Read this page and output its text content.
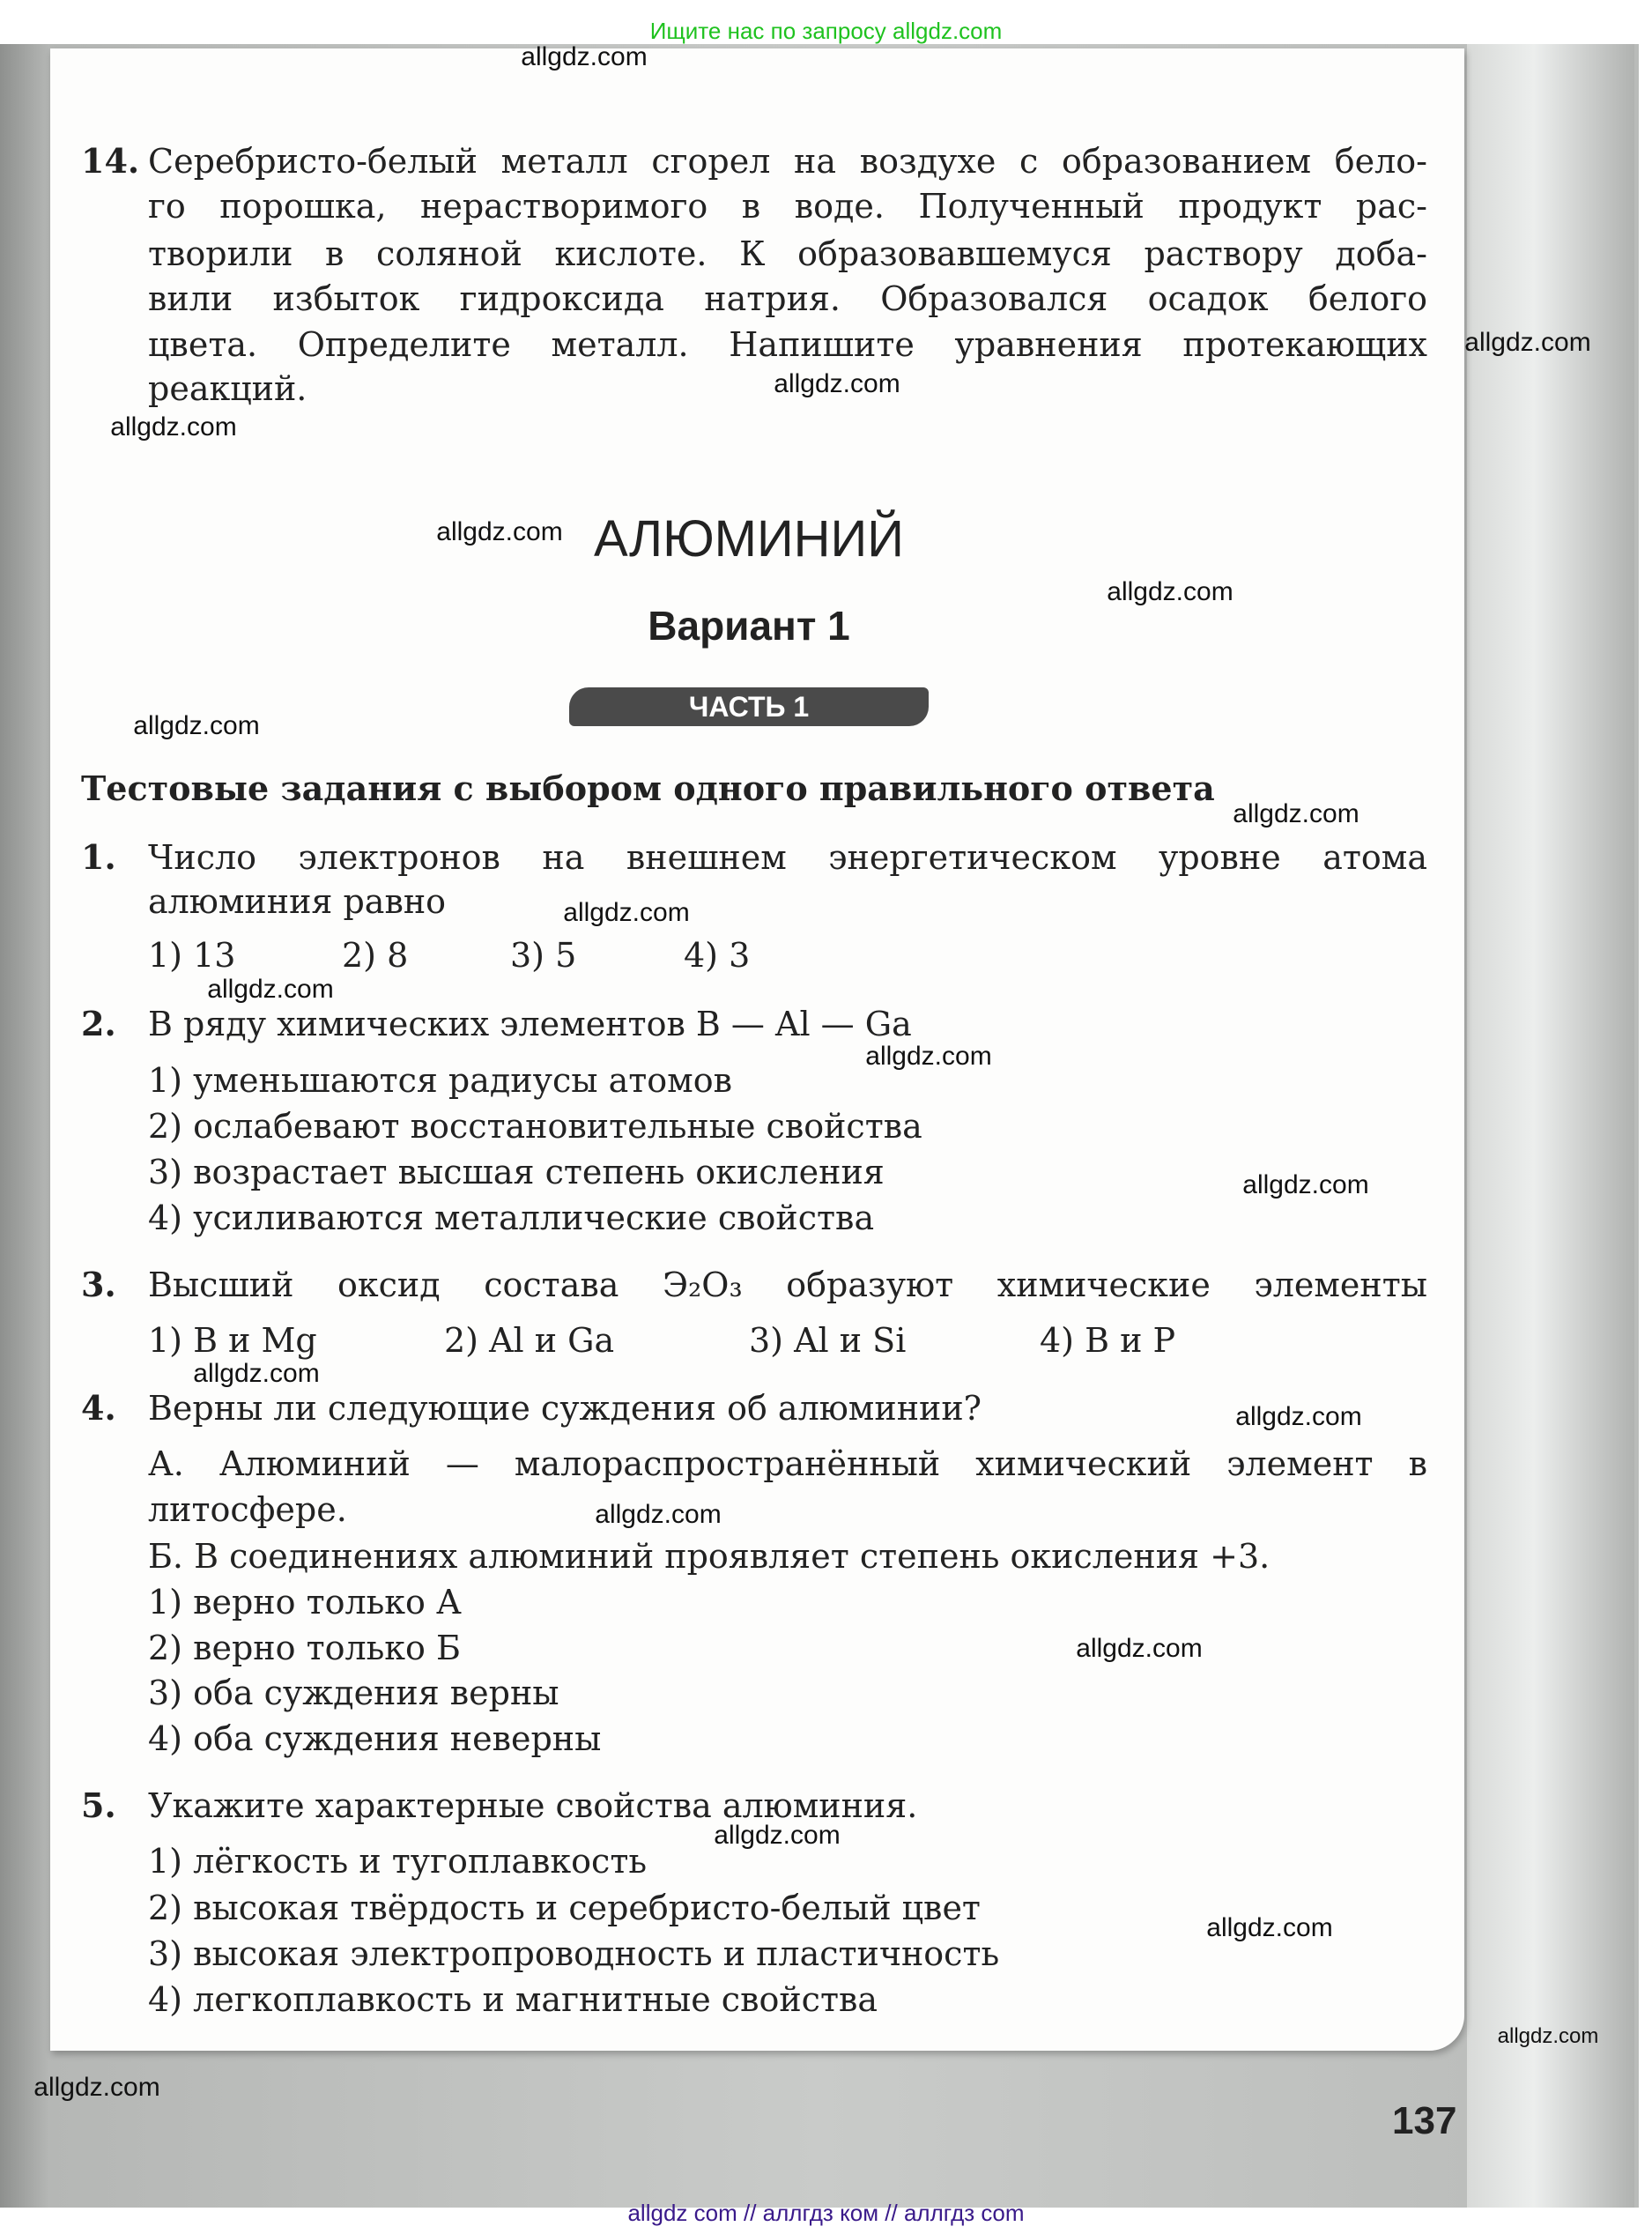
Ищите нас по запросу allgdz.com
14. Серебристо-белый металл сгорел на воздухе с образованием бело-
го порошка, нерастворимого в воде. Полученный продукт рас-
творили в соляной кислоте. К образовавшемуся раствору доба-
вили избыток гидроксида натрия. Образовался осадок белого
цвета. Определите металл. Напишите уравнения протекающих
реакций.
АЛЮМИНИЙ
Вариант 1
ЧАСТЬ 1
Тестовые задания с выбором одного правильного ответа
1. Число электронов на внешнем энергетическом уровне атома
алюминия равно
1) 13	2) 8	3) 5	4) 3
2. В ряду химических элементов B — Al — Ga
1) уменьшаются радиусы атомов
2) ослабевают восстановительные свойства
3) возрастает высшая степень окисления
4) усиливаются металлические свойства
3. Высший оксид состава Э₂О₃ образуют химические элементы
1) B и Mg	2) Al и Ga	3) Al и Si	4) B и P
4. Верны ли следующие суждения об алюминии?
А. Алюминий — малораспространённый химический элемент в
литосфере.
Б. В соединениях алюминий проявляет степень окисления +3.
1) верно только А
2) верно только Б
3) оба суждения верны
4) оба суждения неверны
5. Укажите характерные свойства алюминия.
1) лёгкость и тугоплавкость
2) высокая твёрдость и серебристо-белый цвет
3) высокая электропроводность и пластичность
4) легкоплавкость и магнитные свойства
137
allgdz.com
allgdz.com
allgdz.com
allgdz.com
allgdz.com
allgdz.com
allgdz.com
allgdz.com
allgdz.com
allgdz.com
allgdz.com
allgdz.com
allgdz.com
allgdz.com
allgdz.com
allgdz.com
allgdz.com
allgdz.com
allgdz.com
allgdz.com
allgdz com // аллгдз ком // аллгдз com
